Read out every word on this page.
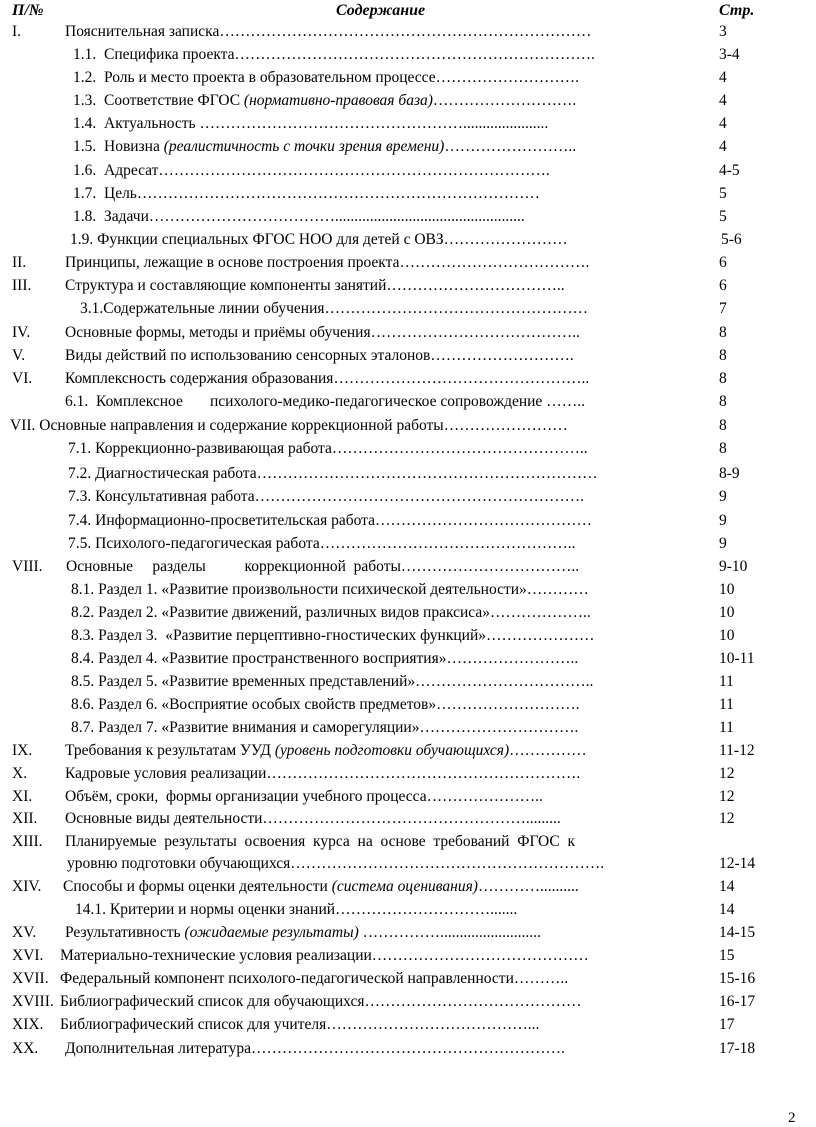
П/№	Содержание	Стр.
I.	Пояснительная записка………………………………………………………………	3
1.1.  Специфика проекта…………………………………………………………….	3-4
1.2.  Роль и место проекта в образовательном процессе……………………….	4
1.3.  Соответствие ФГОС (нормативно-правовая база)……………………….	4
1.4.  Актуальность ……………………………………………......................	4
1.5.  Новизна (реалистичность с точки зрения времени)……………………..	4
1.6.  Адресат………………………………………………………………….	4-5
1.7.  Цель……………………………………………………………………	5
1.8.  Задачи……………………………….................................................	5
1.9. Функции специальных ФГОС НОО для детей с ОВЗ……………………	5-6
II.	Принципы, лежащие в основе построения проекта……………………………….	6
III. Структура и составляющие компоненты занятий……………………………..	6
3.1.Содержательные линии обучения……………………………………………	7
IV. Основные формы, методы и приёмы обучения…………………………………..	8
V.	Виды действий по использованию сенсорных эталонов……………………….	8
VI. Комплексность содержания образования…………………………………………..	8
6.1.  Комплексное       психолого-медико-педагогическое сопровождение ……..	8
VII. Основные направления и содержание коррекционной работы……………………	8
7.1. Коррекционно-развивающая работа…………………………………………..	8
7.2. Диагностическая работа…………………………………………………………	8-9
7.3. Консультативная работа……………………………………………………….	9
7.4. Информационно-просветительская работа……………………………………	9
7.5. Психолого-педагогическая работа…………………………………………..	9
VIII. Основные     разделы          коррекционной  работы……………………………..	9-10
8.1. Раздел 1. «Развитие произвольности психической деятельности»…………	10
8.2. Раздел 2. «Развитие движений, различных видов праксиса»………………..	10
8.3. Раздел 3.  «Развитие перцептивно-гностических функций»…………………	10
8.4. Раздел 4. «Развитие пространственного восприятия»……………………..	10-11
8.5. Раздел 5. «Развитие временных представлений»……………………………..	11
8.6. Раздел 6. «Восприятие особых свойств предметов»……………………….	11
8.7. Раздел 7. «Развитие внимания и саморегуляции»………………………….	11
IX. Требования к результатам УУД (уровень подготовки обучающихся)……………	11-12
X. Кадровые условия реализации…………………………………………………….	12
XI. Объём, сроки,  формы организации учебного процесса…………………..	12
XII. Основные виды деятельности…………………………………………….........	12
XIII. Планируемые  результаты  освоения  курса  на  основе  требований  ФГОС  к
уровню подготовки обучающихся…………………………………………………….	12-14
XIV. Способы и формы оценки деятельности (система оценивания)…………..........	14
14.1. Критерии и нормы оценки знаний………………………….......	14
XV. Результативность (ожидаемые результаты) ……………..........................	14-15
XVI. Материально-технические условия реализации……………………………………	15
XVII. Федеральный компонент психолого-педагогической направленности………..	15-16
XVIII. Библиографический список для обучающихся……………………………………	16-17
XIX. Библиографический список для учителя…………………………………...	17
XX. Дополнительная литература…………………………………………………….	17-18
2
